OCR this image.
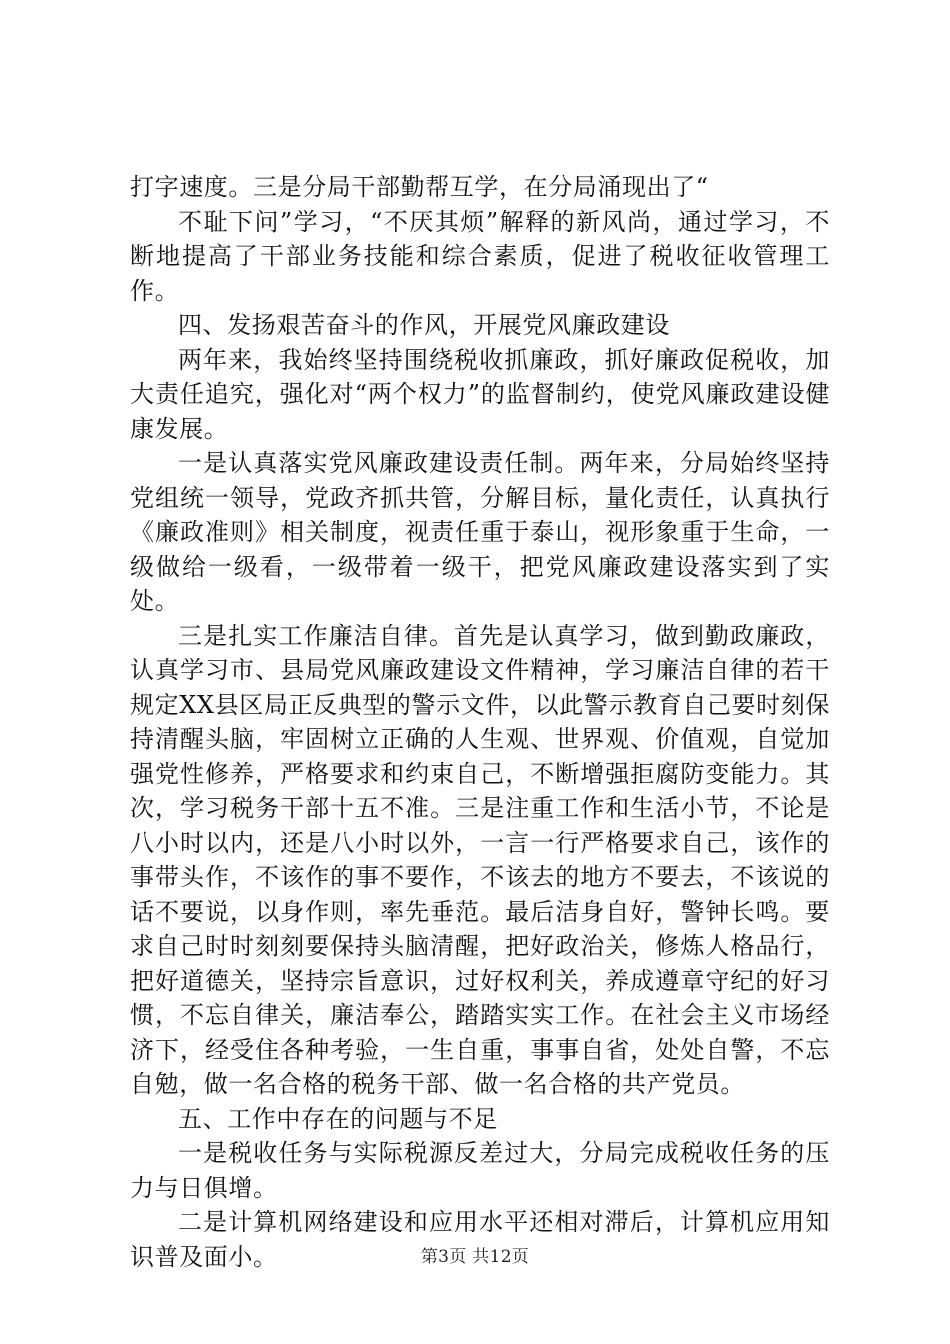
打字速度。三是分局干部勤帮互学，在分局涌现出了“

不耻下问”学习，“不厌其烦”解释的新风尚，通过学习，不断地提高了干部业务技能和综合素质，促进了税收征收管理工作。

四、发扬艰苦奋斗的作风，开展党风廉政建设

两年来，我始终坚持围绕税收抓廉政，抓好廉政促税收，加大责任追究，强化对“两个权力”的监督制约，使党风廉政建设健康发展。

一是认真落实党风廉政建设责任制。两年来，分局始终坚持党组统一领导，党政齐抓共管，分解目标，量化责任，认真执行《廉政准则》相关制度，视责任重于泰山，视形象重于生命，一级做给一级看，一级带着一级干，把党风廉政建设落实到了实处。

三是扎实工作廉洁自律。首先是认真学习，做到勤政廉政，认真学习市、县局党风廉政建设文件精神，学习廉洁自律的若干规定XX县区局正反典型的警示文件，以此警示教育自己要时刻保持清醒头脑，牢固树立正确的人生观、世界观、价值观，自觉加强党性修养，严格要求和约束自己，不断增强拒腐防变能力。其次，学习税务干部十五不准。三是注重工作和生活小节，不论是八小时以内，还是八小时以外，一言一行严格要求自己，该作的事带头作，不该作的事不要作，不该去的地方不要去，不该说的话不要说，以身作则，率先垂范。最后洁身自好，警钟长鸣。要求自己时时刻刻要保持头脑清醒，把好政治关，修炼人格品行，把好道德关，坚持宗旨意识，过好权利关，养成遵章守纪的好习惯，不忘自律关，廉洁奉公，踏踏实实工作。在社会主义市场经济下，经受住各种考验，一生自重，事事自省，处处自警，不忘自勉，做一名合格的税务干部、做一名合格的共产党员。

五、工作中存在的问题与不足

一是税收任务与实际税源反差过大，分局完成税收任务的压力与日俱增。

二是计算机网络建设和应用水平还相对滞后，计算机应用知识普及面小。	第3页 共12页
